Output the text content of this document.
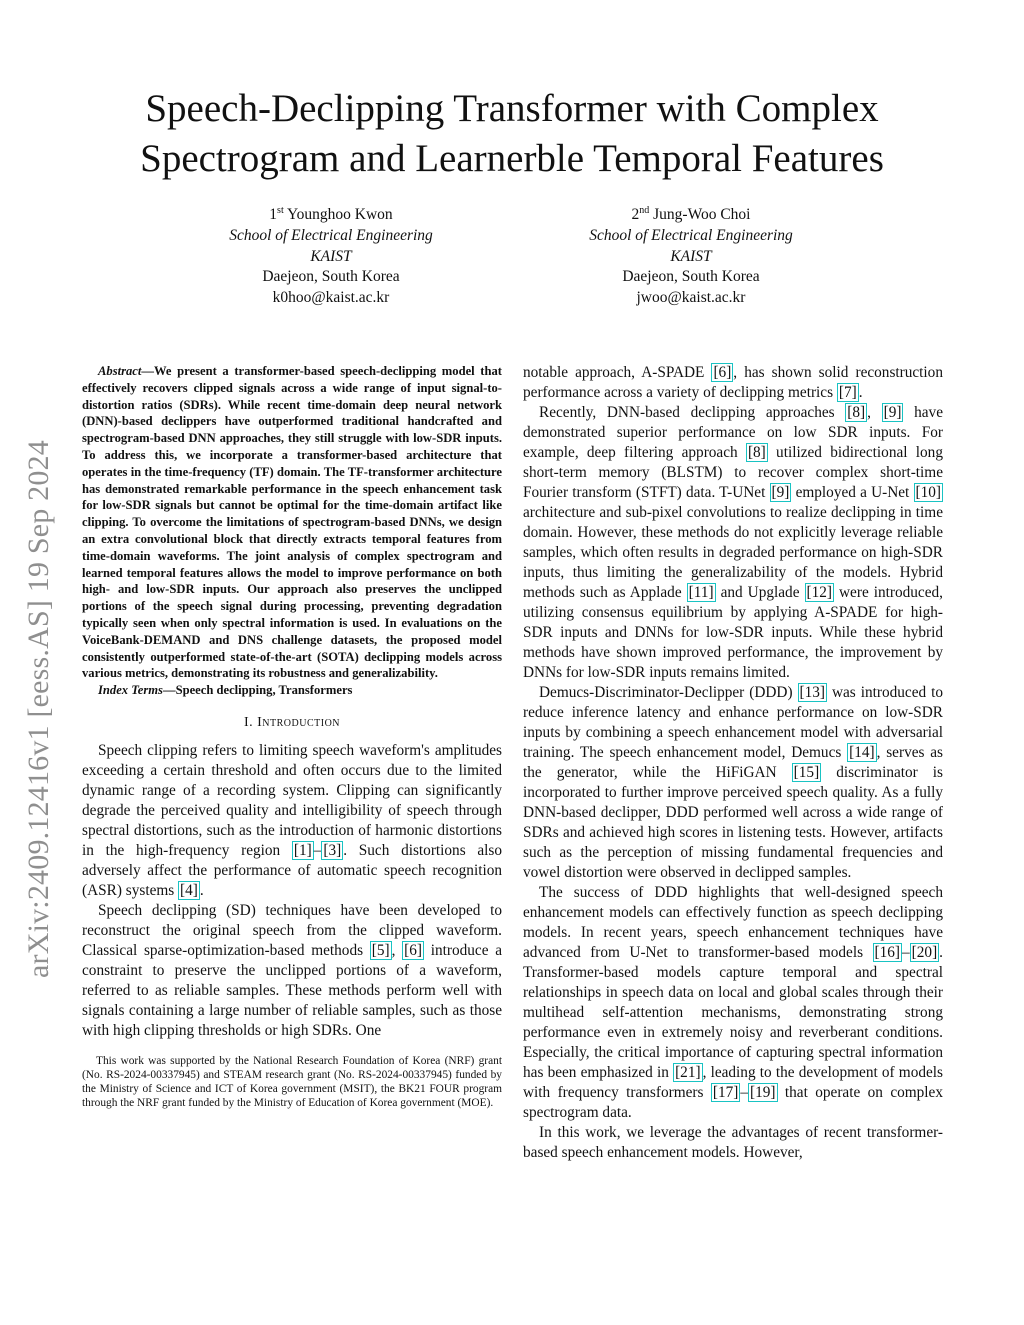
Speech-Declipping Transformer with Complex
Spectrogram and Learnerble Temporal Features
1st Younghoo Kwon
School of Electrical Engineering
KAIST
Daejeon, South Korea
k0hoo@kaist.ac.kr
2nd Jung-Woo Choi
School of Electrical Engineering
KAIST
Daejeon, South Korea
jwoo@kaist.ac.kr
arXiv:2409.12416v1 [eess.AS] 19 Sep 2024

Abstract—We present a transformer-based speech-declipping model that effectively recovers clipped signals across a wide range of input signal-to-distortion ratios (SDRs). While recent time-domain deep neural network (DNN)-based declippers have outperformed traditional handcrafted and spectrogram-based DNN approaches, they still struggle with low-SDR inputs. To address this, we incorporate a transformer-based architecture that operates in the time-frequency (TF) domain. The TF-transformer architecture has demonstrated remarkable performance in the speech enhancement task for low-SDR signals but cannot be optimal for the time-domain artifact like clipping. To overcome the limitations of spectrogram-based DNNs, we design an extra convolutional block that directly extracts temporal features from time-domain waveforms. The joint analysis of complex spectrogram and learned temporal features allows the model to improve performance on both high- and low-SDR inputs. Our approach also preserves the unclipped portions of the speech signal during processing, preventing degradation typically seen when only spectral information is used. In evaluations on the VoiceBank-DEMAND and DNS challenge datasets, the proposed model consistently outperformed state-of-the-art (SOTA) declipping models across various metrics, demonstrating its robustness and generalizability.

Index Terms—Speech declipping, Transformers

I. Introduction

Speech clipping refers to limiting speech waveform's amplitudes exceeding a certain threshold and often occurs due to the limited dynamic range of a recording system. Clipping can significantly degrade the perceived quality and intelligibility of speech through spectral distortions, such as the introduction of harmonic distortions in the high-frequency region [1] – [3] . Such distortions also adversely affect the performance of automatic speech recognition (ASR) systems [4] .

Speech declipping (SD) techniques have been developed to reconstruct the original speech from the clipped waveform. Classical sparse-optimization-based methods [5] , [6] introduce a constraint to preserve the unclipped portions of a waveform, referred to as reliable samples. These methods perform well with signals containing a large number of reliable samples, such as those with high clipping thresholds or high SDRs. One

This work was supported by the National Research Foundation of Korea (NRF) grant (No. RS-2024-00337945) and STEAM research grant (No. RS-2024-00337945) funded by the Ministry of Science and ICT of Korea government (MSIT), the BK21 FOUR program through the NRF grant funded by the Ministry of Education of Korea government (MOE).

notable approach, A-SPADE [6] , has shown solid reconstruction performance across a variety of declipping metrics [7] .

Recently, DNN-based declipping approaches [8] , [9] have demonstrated superior performance on low SDR inputs. For example, deep filtering approach [8] utilized bidirectional long short-term memory (BLSTM) to recover complex short-time Fourier transform (STFT) data. T-UNet [9] employed a U-Net [10] architecture and sub-pixel convolutions to realize declipping in time domain. However, these methods do not explicitly leverage reliable samples, which often results in degraded performance on high-SDR inputs, thus limiting the generalizability of the models. Hybrid methods such as Applade [11] and Upglade [12] were introduced, utilizing consensus equilibrium by applying A-SPADE for high-SDR inputs and DNNs for low-SDR inputs. While these hybrid methods have shown improved performance, the improvement by DNNs for low-SDR inputs remains limited.

Demucs-Discriminator-Declipper (DDD) [13] was introduced to reduce inference latency and enhance performance on low-SDR inputs by combining a speech enhancement model with adversarial training. The speech enhancement model, Demucs [14] , serves as the generator, while the HiFiGAN [15] discriminator is incorporated to further improve perceived speech quality. As a fully DNN-based declipper, DDD performed well across a wide range of SDRs and achieved high scores in listening tests. However, artifacts such as the perception of missing fundamental frequencies and vowel distortion were observed in declipped samples.

The success of DDD highlights that well-designed speech enhancement models can effectively function as speech declipping models. In recent years, speech enhancement techniques have advanced from U-Net to transformer-based models [16] – [20] . Transformer-based models capture temporal and spectral relationships in speech data on local and global scales through their multihead self-attention mechanisms, demonstrating strong performance even in extremely noisy and reverberant conditions. Especially, the critical importance of capturing spectral information has been emphasized in [21] , leading to the development of models with frequency transformers [17] – [19] that operate on complex spectrogram data.

In this work, we leverage the advantages of recent transformer-based speech enhancement models. However,
